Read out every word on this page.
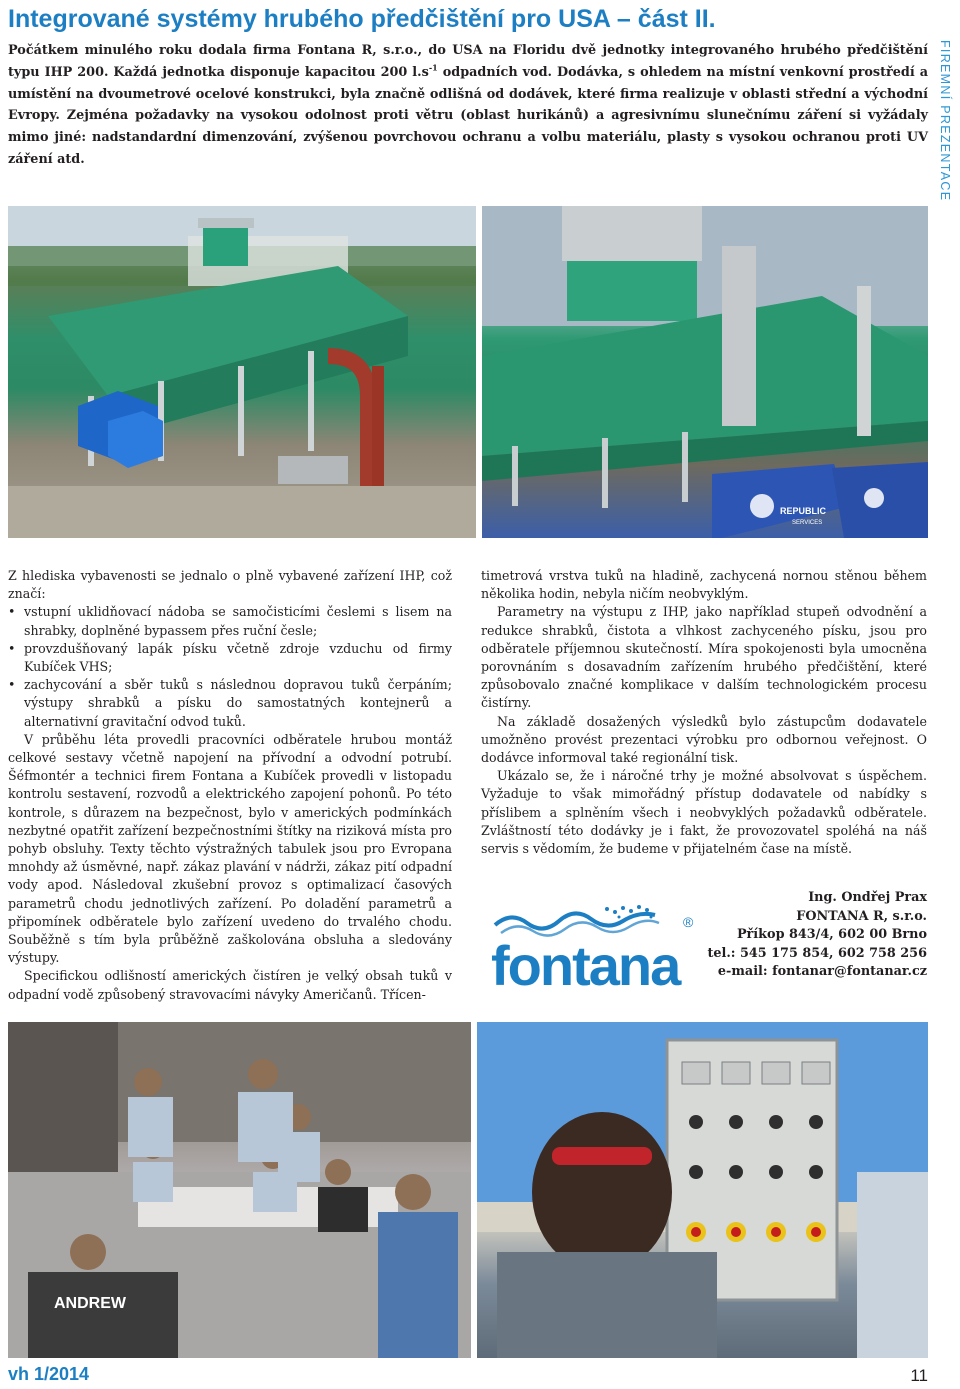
Integrované systémy hrubého předčištění pro USA – část II.
FIREMNÍ PREZENTACE

Počátkem minulého roku dodala firma Fontana R, s.r.o., do USA na Floridu dvě jednotky integrovaného hrubého předčištění typu IHP 200. Každá jednotka disponuje kapacitou 200 $l.s^{-1}$ odpadních vod. Dodávka, s ohledem na místní venkovní prostředí a umístění na dvoumetrové ocelové konstrukci, byla značně odlišná od dodávek, které firma realizuje v oblasti střední a východní Evropy. Zejména požadavky na vysokou odolnost proti větru (oblast hurikánů) a agresivnímu slunečnímu záření si vyžádaly mimo jiné: nadstandardní dimenzování, zvýšenou povrchovou ochranu a volbu materiálu, plasty s vysokou ochranou proti UV záření atd.

REPUBLIC
SERVICES

Z hlediska vybavenosti se jednalo o plně vybavené zařízení IHP, což značí:

• vstupní uklidňovací nádoba se samočisticími česlemi s lisem na shrabky, doplněné bypassem přes ruční česle;
• provzdušňovaný lapák písku včetně zdroje vzduchu od firmy Kubíček VHS;
• zachycování a sběr tuků s následnou dopravou tuků čerpáním; výstupy shrabků a písku do samostatných kontejnerů a alternativní gravitační odvod tuků.

V průběhu léta provedli pracovníci odběratele hrubou montáž celkové sestavy včetně napojení na přívodní a odvodní potrubí. Šéfmontér a technici firem Fontana a Kubíček provedli v listopadu kontrolu sestavení, rozvodů a elektrického zapojení pohonů. Po této kontrole, s důrazem na bezpečnost, bylo v amerických podmínkách nezbytné opatřit zařízení bezpečnostními štítky na riziková místa pro pohyb obsluhy. Texty těchto výstražných tabulek jsou pro Evropana mnohdy až úsměvné, např. zákaz plavání v nádrži, zákaz pití odpadní vody apod. Následoval zkušební provoz s optimalizací časových parametrů chodu jednotlivých zařízení. Po doladění parametrů a připomínek odběratele bylo zařízení uvedeno do trvalého chodu. Souběžně s tím byla průběžně zaškolována obsluha a sledovány výstupy.

Specifickou odlišností amerických čistíren je velký obsah tuků v odpadní vodě způsobený stravovacími návyky Američanů. Třícen-

timetrová vrstva tuků na hladině, zachycená nornou stěnou během několika hodin, nebyla ničím neobvyklým.

Parametry na výstupu z IHP, jako například stupeň odvodnění a redukce shrabků, čistota a vlhkost zachyceného písku, jsou pro odběratele příjemnou skutečností. Míra spokojenosti byla umocněna porovnáním s dosavadním zařízením hrubého předčištění, které způsobovalo značné komplikace v dalším technologickém procesu čistírny.

Na základě dosažených výsledků bylo zástupcům dodavatele umožněno provést prezentaci výrobku pro odbornou veřejnost. O dodávce informoval také regionální tisk.

Ukázalo se, že i náročné trhy je možné absolvovat s úspěchem. Vyžaduje to však mimořádný přístup dodavatele od nabídky s příslibem a splněním všech i neobvyklých požadavků odběratele. Zvláštností této dodávky je i fakt, že provozovatel spoléhá na náš servis s vědomím, že budeme v přijatelném čase na místě.

fontana
®
Ing. Ondřej Prax
FONTANA R, s.r.o.
Příkop 843/4, 602 00 Brno
tel.: 545 175 854, 602 758 256
e-mail: fontanar@fontanar.cz
ANDREW
vh 1/2014	11
